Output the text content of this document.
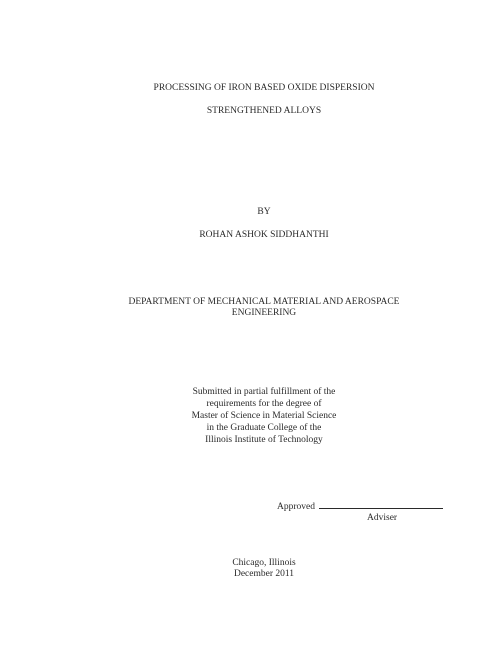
PROCESSING OF IRON BASED OXIDE DISPERSION
STRENGTHENED ALLOYS
BY
ROHAN ASHOK SIDDHANTHI
DEPARTMENT OF MECHANICAL MATERIAL AND AEROSPACE
ENGINEERING
Submitted in partial fulfillment of the
requirements for the degree of
Master of Science in Material Science
in the Graduate College of the
Illinois Institute of Technology
Approved
Adviser
Chicago, Illinois
December 2011
